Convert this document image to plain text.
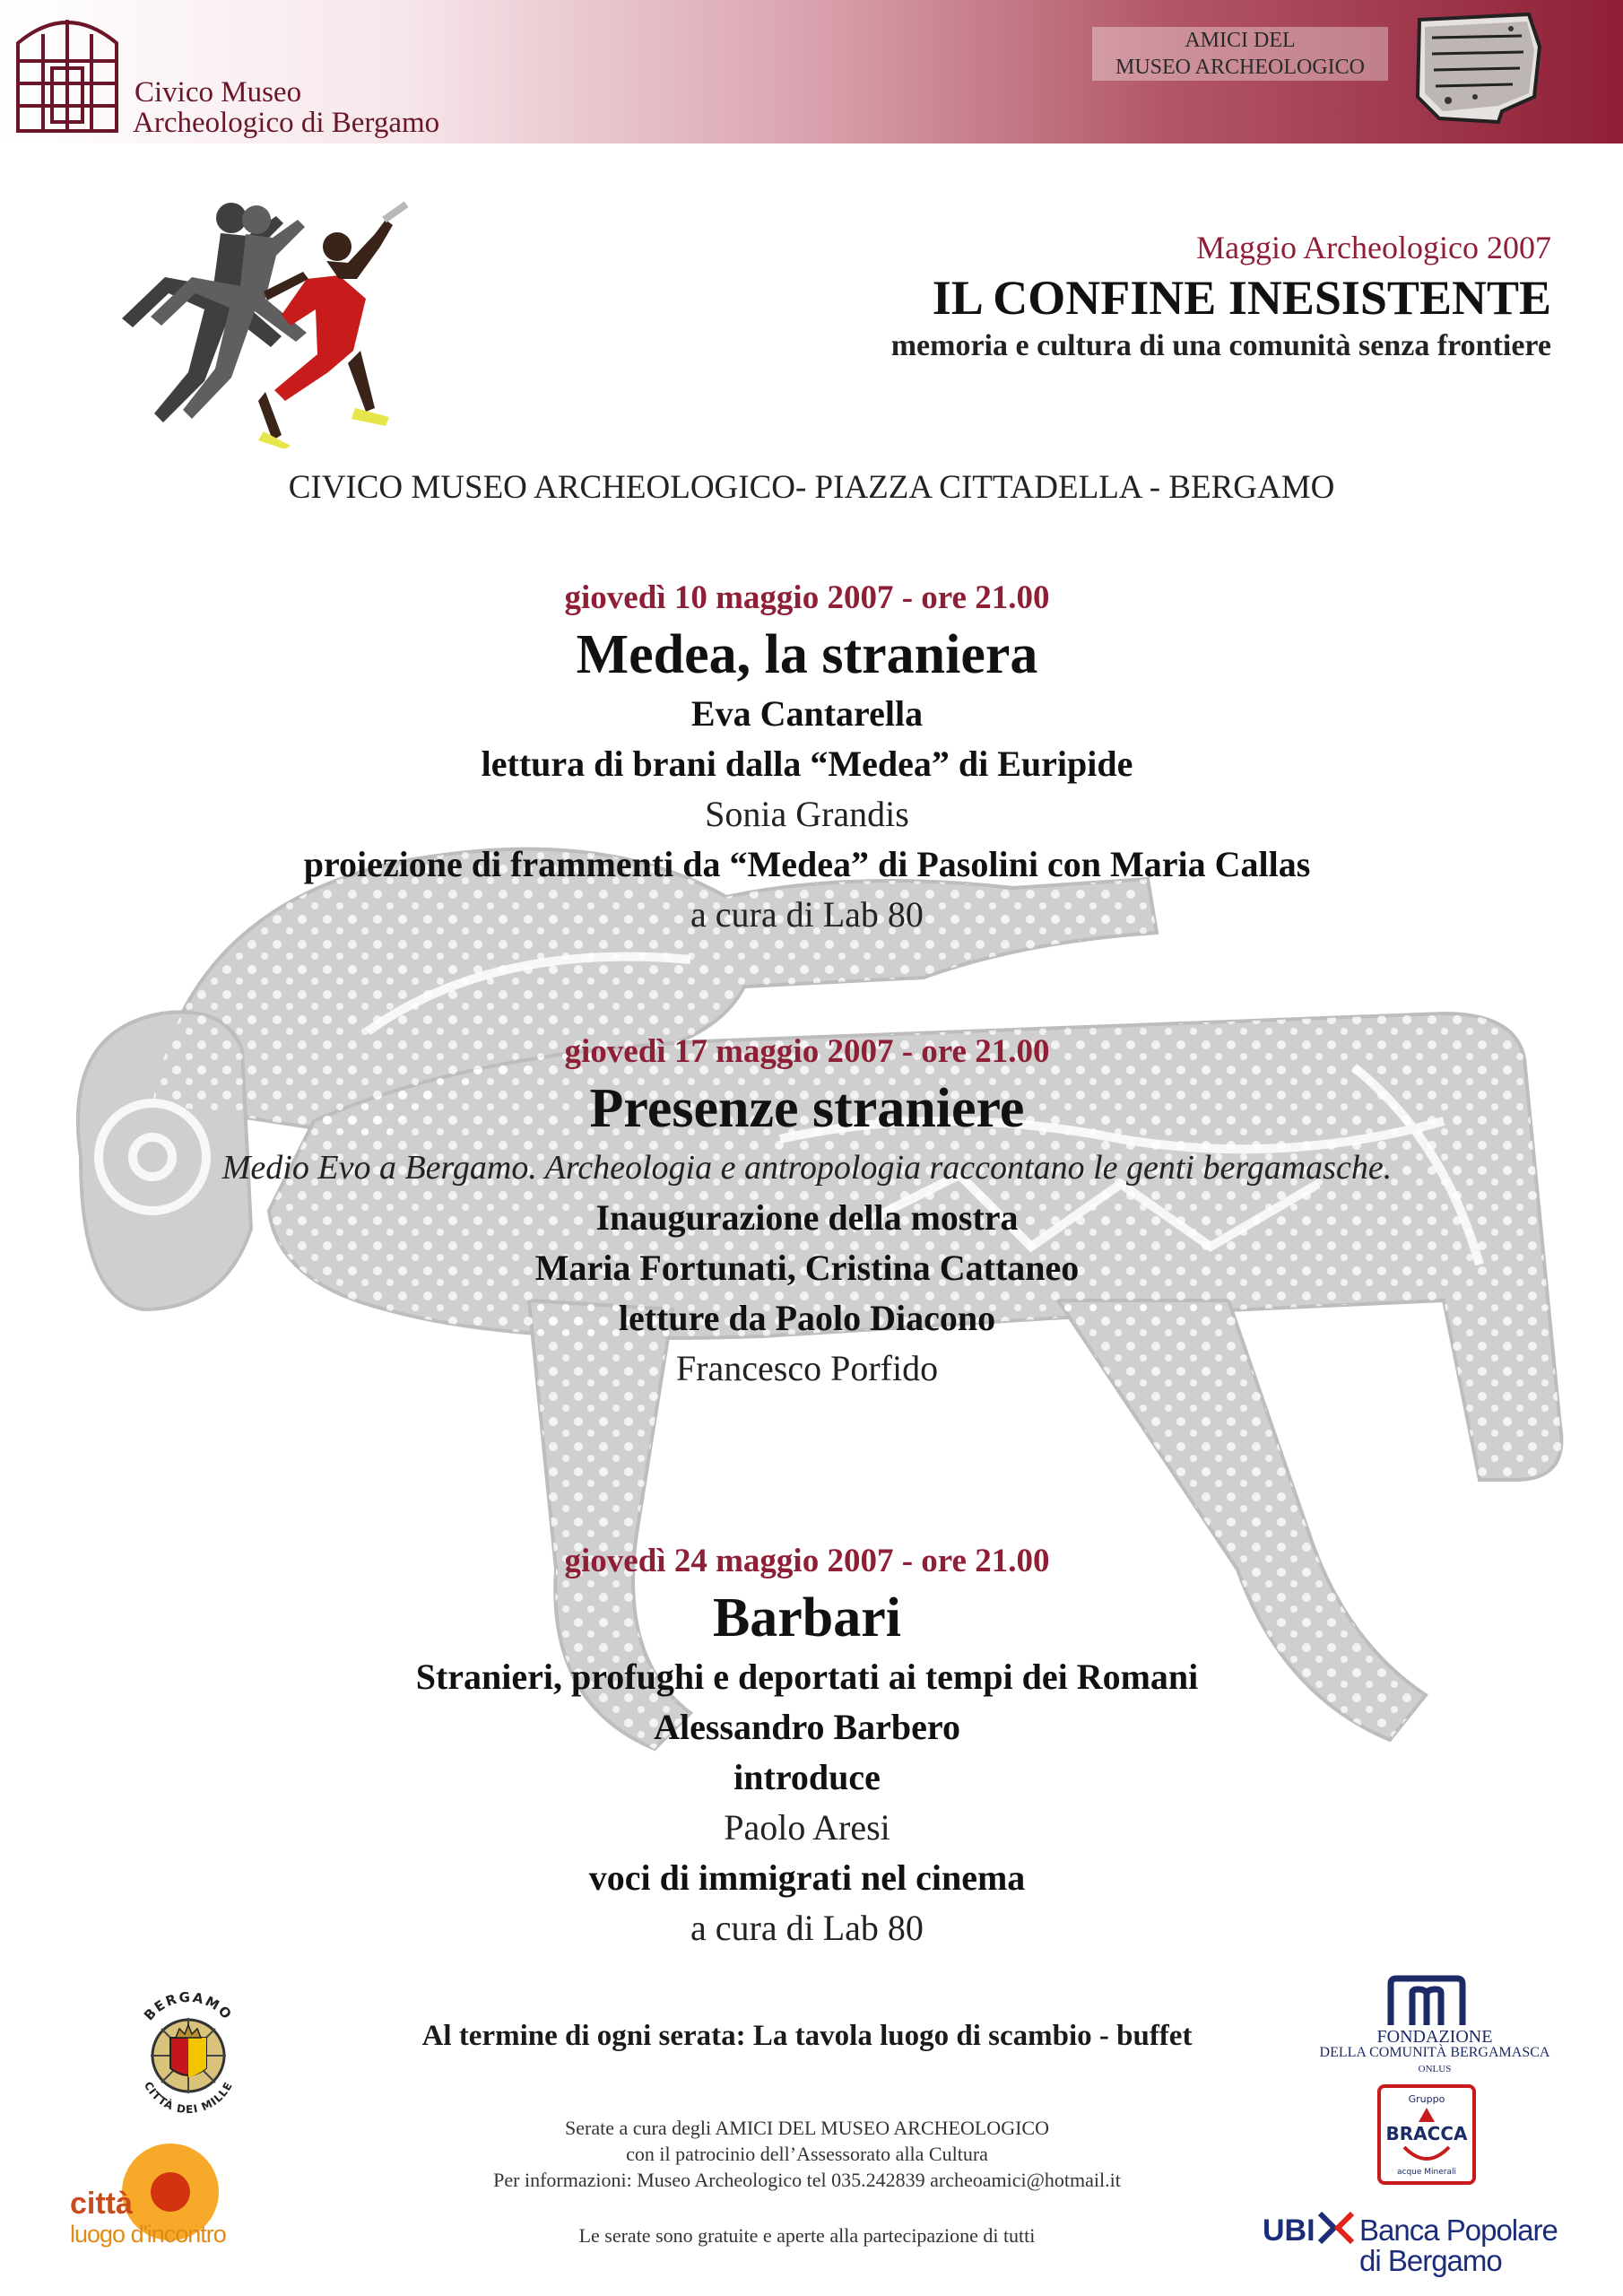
Civico Museo
Archeologico di Bergamo
AMICI DEL
MUSEO ARCHEOLOGICO
Maggio Archeologico 2007
IL CONFINE INESISTENTE
memoria e cultura di una comunità senza frontiere
CIVICO MUSEO ARCHEOLOGICO- PIAZZA CITTADELLA - BERGAMO
giovedì 10 maggio 2007 - ore 21.00
Medea, la straniera
Eva Cantarella
lettura di brani dalla “Medea” di Euripide
Sonia Grandis
proiezione di frammenti da “Medea” di Pasolini con Maria Callas
a cura di Lab 80
giovedì 17 maggio 2007 - ore 21.00
Presenze straniere
Medio Evo a Bergamo. Archeologia e antropologia raccontano le genti bergamasche.
Inaugurazione della mostra
Maria Fortunati, Cristina Cattaneo
letture da Paolo Diacono
Francesco Porfido
giovedì 24 maggio 2007 - ore 21.00
Barbari
Stranieri, profughi e deportati ai tempi dei Romani
Alessandro Barbero
introduce
Paolo Aresi
voci di immigrati nel cinema
a cura di Lab 80
Al termine di ogni serata: La tavola luogo di scambio - buffet
Serate a cura degli AMICI DEL MUSEO ARCHEOLOGICO
con il patrocinio dell’Assessorato alla Cultura
Per informazioni: Museo Archeologico tel 035.242839 archeoamici@hotmail.it
Le serate sono gratuite e aperte alla partecipazione di tutti
BERGAMO
CITTÀ DEI MILLE
città
luogo d'incontro
FONDAZIONE
DELLA COMUNITÀ BERGAMASCA
ONLUS
Gruppo
BRACCA
acque Minerali
UBI Banca Popolare
di Bergamo
